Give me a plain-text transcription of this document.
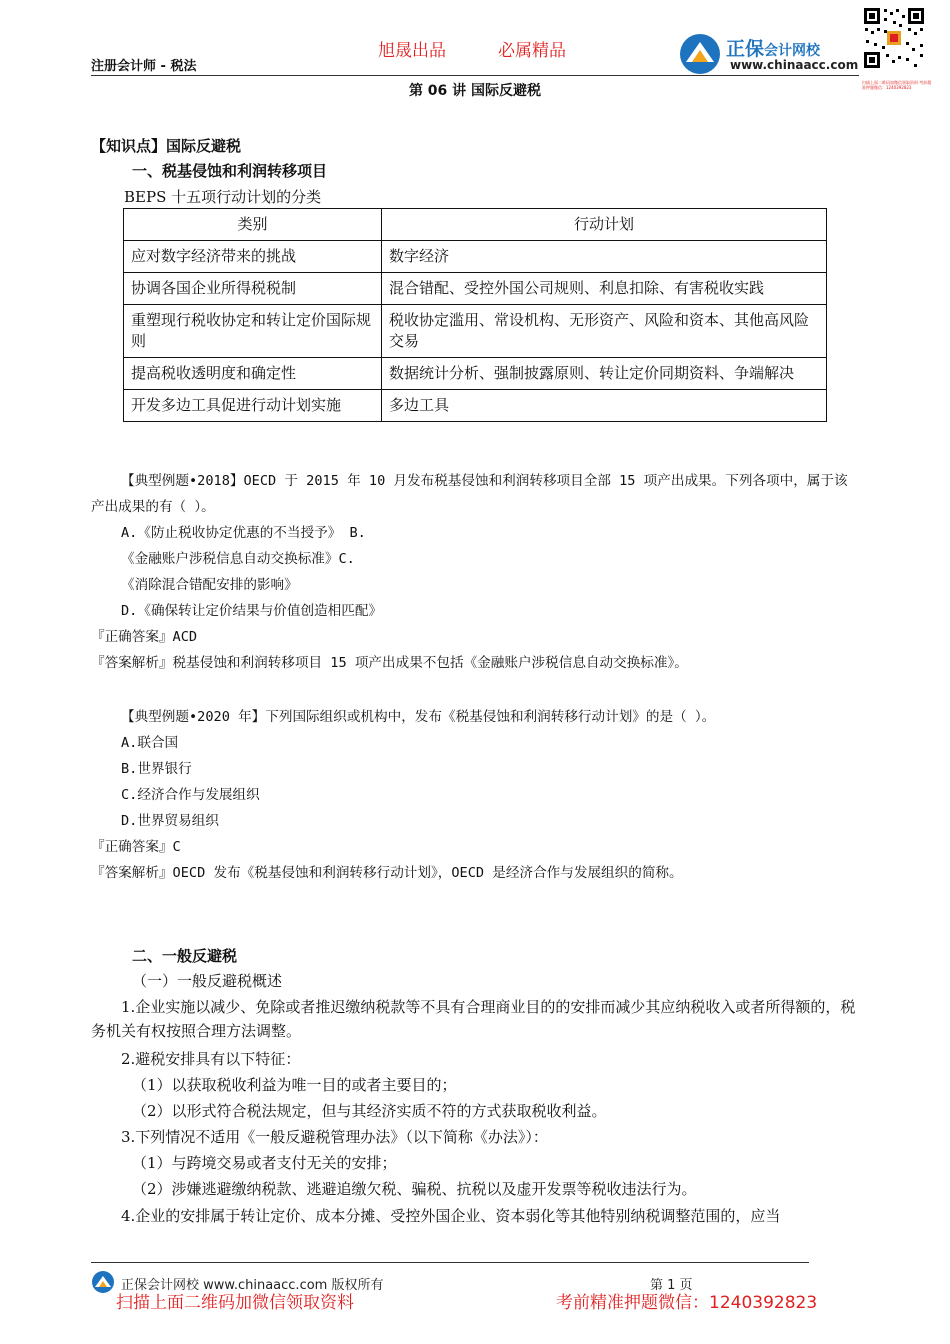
注册会计师 - 税法
旭晟出品	必属精品	正保会计网校
www.chinaacc.com
扫描上面二维码加微信领取资料 考前精准押题微信：1240392823
第 06 讲 国际反避税
【知识点】国际反避税
一、税基侵蚀和利润转移项目
BEPS 十五项行动计划的分类
类别	行动计划
应对数字经济带来的挑战	数字经济
协调各国企业所得税税制	混合错配、受控外国公司规则、利息扣除、有害税收实践
重塑现行税收协定和转让定价国际规则	税收协定滥用、常设机构、无形资产、风险和资本、其他高风险交易
提高税收透明度和确定性	数据统计分析、强制披露原则、转让定价同期资料、争端解决
开发多边工具促进行动计划实施	多边工具
【典型例题•2018】OECD 于 2015 年 10 月发布税基侵蚀和利润转移项目全部 15 项产出成果。下列各项中，属于该产出成果的有（ ）。
A.《防止税收协定优惠的不当授予》 B.
《金融账户涉税信息自动交换标准》C.
《消除混合错配安排的影响》
D.《确保转让定价结果与价值创造相匹配》
『正确答案』ACD
『答案解析』税基侵蚀和利润转移项目 15 项产出成果不包括《金融账户涉税信息自动交换标准》。
【典型例题•2020 年】下列国际组织或机构中，发布《税基侵蚀和利润转移行动计划》的是（ ）。
A.联合国
B.世界银行
C.经济合作与发展组织
D.世界贸易组织
『正确答案』C
『答案解析』OECD 发布《税基侵蚀和利润转移行动计划》，OECD 是经济合作与发展组织的简称。
二、一般反避税
（一）一般反避税概述
1.企业实施以减少、免除或者推迟缴纳税款等不具有合理商业目的的安排而减少其应纳税收入或者所得额的，税务机关有权按照合理方法调整。
2.避税安排具有以下特征：
（1）以获取税收利益为唯一目的或者主要目的；
（2）以形式符合税法规定，但与其经济实质不符的方式获取税收利益。
3.下列情况不适用《一般反避税管理办法》（以下简称《办法》）：
（1）与跨境交易或者支付无关的安排；
（2）涉嫌逃避缴纳税款、逃避追缴欠税、骗税、抗税以及虚开发票等税收违法行为。
4.企业的安排属于转让定价、成本分摊、受控外国企业、资本弱化等其他特别纳税调整范围的，应当
正保会计网校 www.chinaacc.com 版权所有	第 1 页
扫描上面二维码加微信领取资料	考前精准押题微信：1240392823
